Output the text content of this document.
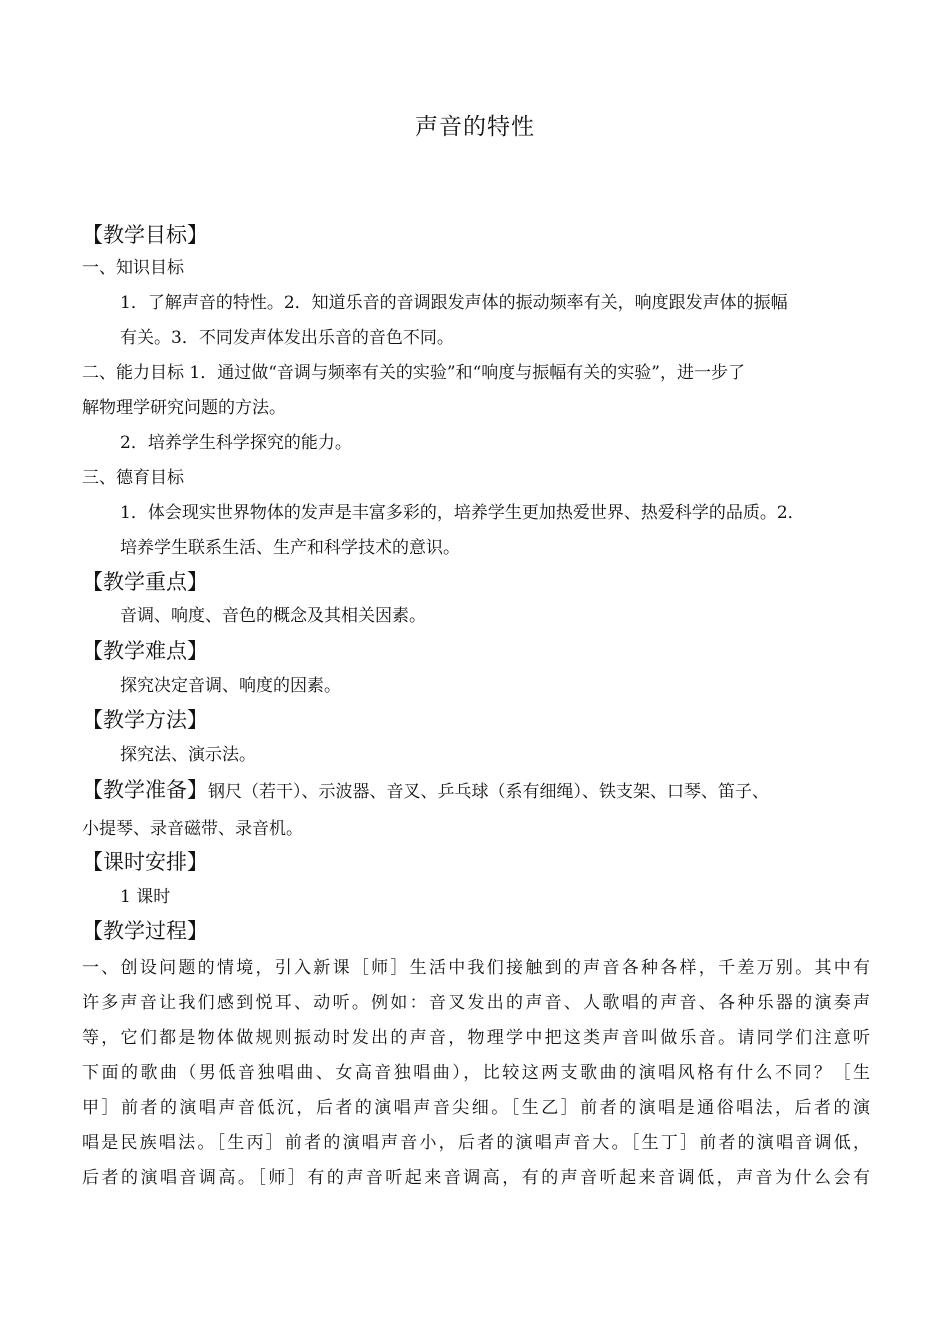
声音的特性
【教学目标】
一、知识目标
1．了解声音的特性。2．知道乐音的音调跟发声体的振动频率有关，响度跟发声体的振幅
有关。3．不同发声体发出乐音的音色不同。
二、能力目标 1．通过做“音调与频率有关的实验”和“响度与振幅有关的实验”，进一步了
解物理学研究问题的方法。
2．培养学生科学探究的能力。
三、德育目标
1．体会现实世界物体的发声是丰富多彩的，培养学生更加热爱世界、热爱科学的品质。2．
培养学生联系生活、生产和科学技术的意识。
【教学重点】
音调、响度、音色的概念及其相关因素。
【教学难点】
探究决定音调、响度的因素。
【教学方法】
探究法、演示法。
【教学准备】钢尺（若干）、示波器、音叉、乒乓球（系有细绳）、铁支架、口琴、笛子、
小提琴、录音磁带、录音机。
【课时安排】
1 课时
【教学过程】
一、创设问题的情境，引入新课［师］生活中我们接触到的声音各种各样，千差万别。其中有
许多声音让我们感到悦耳、动听。例如：音叉发出的声音、人歌唱的声音、各种乐器的演奏声
等，它们都是物体做规则振动时发出的声音，物理学中把这类声音叫做乐音。请同学们注意听
下面的歌曲（男低音独唱曲、女高音独唱曲），比较这两支歌曲的演唱风格有什么不同？［生
甲］前者的演唱声音低沉，后者的演唱声音尖细。［生乙］前者的演唱是通俗唱法，后者的演
唱是民族唱法。［生丙］前者的演唱声音小，后者的演唱声音大。［生丁］前者的演唱音调低，
后者的演唱音调高。［师］有的声音听起来音调高，有的声音听起来音调低，声音为什么会有
